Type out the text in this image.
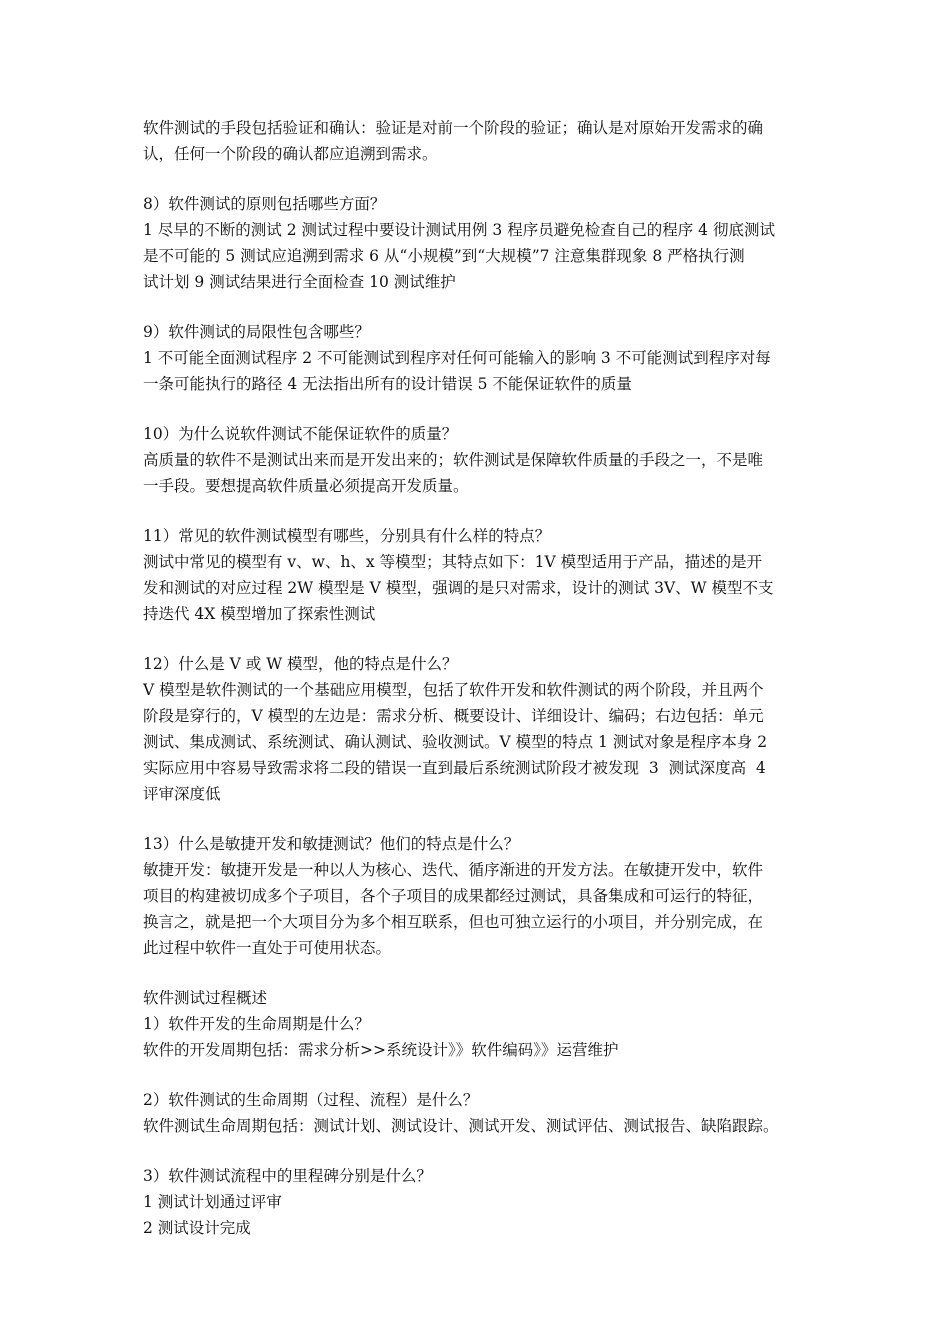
软件测试的手段包括验证和确认：验证是对前一个阶段的验证；确认是对原始开发需求的确
认，任何一个阶段的确认都应追溯到需求。
8）软件测试的原则包括哪些方面？
1 尽早的不断的测试 2 测试过程中要设计测试用例 3 程序员避免检查自己的程序 4 彻底测试
是不可能的 5 测试应追溯到需求 6 从“小规模”到“大规模”7 注意集群现象 8 严格执行测
试计划 9 测试结果进行全面检查 10 测试维护
9）软件测试的局限性包含哪些？
1 不可能全面测试程序 2 不可能测试到程序对任何可能输入的影响 3 不可能测试到程序对每
一条可能执行的路径 4 无法指出所有的设计错误 5 不能保证软件的质量
10）为什么说软件测试不能保证软件的质量？
高质量的软件不是测试出来而是开发出来的；软件测试是保障软件质量的手段之一，不是唯
一手段。要想提高软件质量必须提高开发质量。
11）常见的软件测试模型有哪些，分别具有什么样的特点？
测试中常见的模型有 v、w、h、x 等模型；其特点如下：1V 模型适用于产品，描述的是开
发和测试的对应过程 2W 模型是 V 模型，强调的是只对需求，设计的测试 3V、W 模型不支
持迭代 4X 模型增加了探索性测试
12）什么是 V 或 W 模型，他的特点是什么？
V 模型是软件测试的一个基础应用模型，包括了软件开发和软件测试的两个阶段，并且两个
阶段是穿行的，V 模型的左边是：需求分析、概要设计、详细设计、编码；右边包括：单元
测试、集成测试、系统测试、确认测试、验收测试。V 模型的特点 1 测试对象是程序本身 2
实际应用中容易导致需求将二段的错误一直到最后系统测试阶段才被发现  3  测试深度高  4
评审深度低
13）什么是敏捷开发和敏捷测试？他们的特点是什么？
敏捷开发：敏捷开发是一种以人为核心、迭代、循序渐进的开发方法。在敏捷开发中，软件
项目的构建被切成多个子项目，各个子项目的成果都经过测试，具备集成和可运行的特征，
换言之，就是把一个大项目分为多个相互联系，但也可独立运行的小项目，并分别完成，在
此过程中软件一直处于可使用状态。
软件测试过程概述
1）软件开发的生命周期是什么？
软件的开发周期包括：需求分析>>系统设计》》软件编码》》运营维护
2）软件测试的生命周期（过程、流程）是什么？
软件测试生命周期包括：测试计划、测试设计、测试开发、测试评估、测试报告、缺陷跟踪。
3）软件测试流程中的里程碑分别是什么？
1 测试计划通过评审
2 测试设计完成
